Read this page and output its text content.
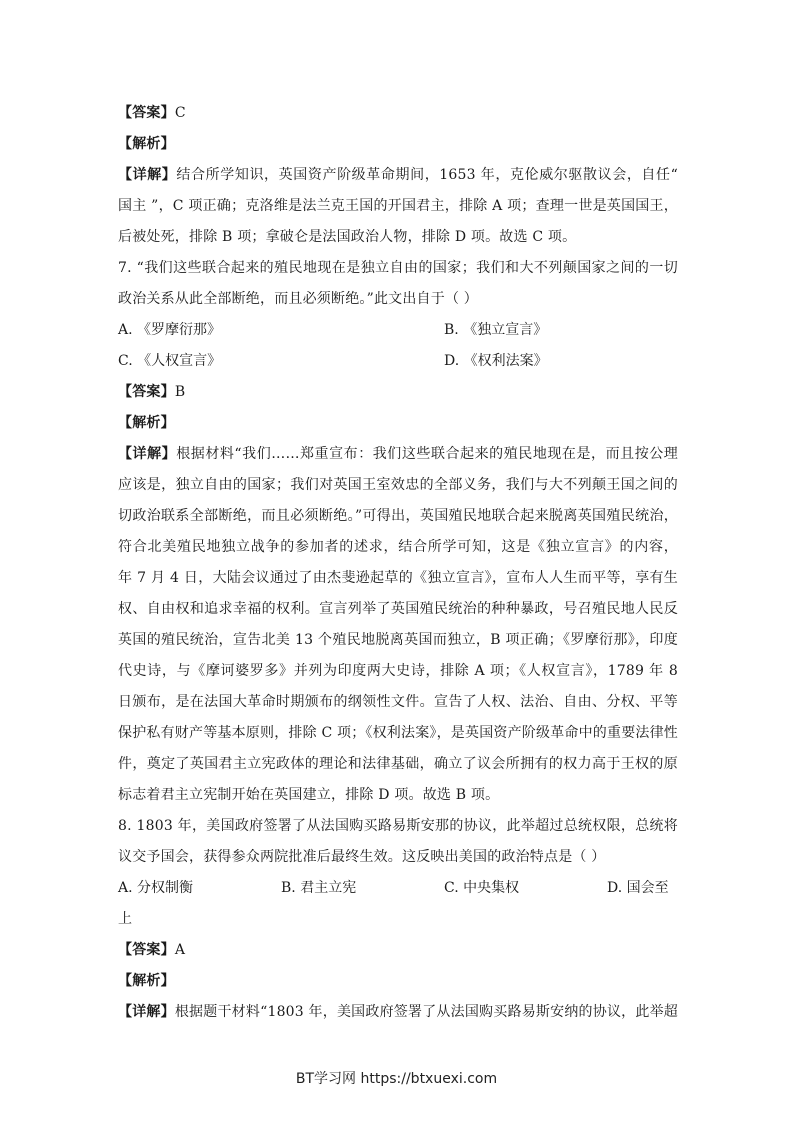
【答案】C
【解析】
【详解】结合所学知识，英国资产阶级革命期间，1653 年，克伦威尔驱散议会，自任“
国主 ”，C 项正确；克洛维是法兰克王国的开国君主，排除 A 项；查理一世是英国国王，
后被处死，排除 B 项；拿破仑是法国政治人物，排除 D 项。故选 C 项。
7. “我们这些联合起来的殖民地现在是独立自由的国家；我们和大不列颠国家之间的一切
政治关系从此全部断绝，而且必须断绝。”此文出自于（ ）
A. 《罗摩衍那》	B. 《独立宣言》
C. 《人权宣言》	D. 《权利法案》
【答案】B
【解析】
【详解】根据材料“我们……郑重宣布：我们这些联合起来的殖民地现在是，而且按公理
应该是，独立自由的国家；我们对英国王室效忠的全部义务，我们与大不列颠王国之间的
切政治联系全部断绝，而且必须断绝。”可得出，英国殖民地联合起来脱离英国殖民统治，
符合北美殖民地独立战争的参加者的述求，结合所学可知，这是《独立宣言》的内容，
年 7 月 4 日，大陆会议通过了由杰斐逊起草的《独立宣言》，宣布人人生而平等，享有生
权、自由权和追求幸福的权利。宣言列举了英国殖民统治的种种暴政，号召殖民地人民反
英国的殖民统治，宣告北美 13 个殖民地脱离英国而独立，B 项正确；《罗摩衍那》，印度
代史诗，与《摩诃婆罗多》并列为印度两大史诗，排除 A 项；《人权宣言》，1789 年 8
日颁布，是在法国大革命时期颁布的纲领性文件。宣告了人权、法治、自由、分权、平等
保护私有财产等基本原则，排除 C 项；《权利法案》，是英国资产阶级革命中的重要法律性
件，奠定了英国君主立宪政体的理论和法律基础，确立了议会所拥有的权力高于王权的原
标志着君主立宪制开始在英国建立，排除 D 项。故选 B 项。
8. 1803 年，美国政府签署了从法国购买路易斯安那的协议，此举超过总统权限，总统将
议交予国会，获得参众两院批准后最终生效。这反映出美国的政治特点是（ ）
A. 分权制衡	B. 君主立宪	C. 中央集权	D. 国会至
上
【答案】A
【解析】
【详解】根据题干材料“1803 年，美国政府签署了从法国购买路易斯安纳的协议，此举超
BT学习网 https://btxuexi.com
